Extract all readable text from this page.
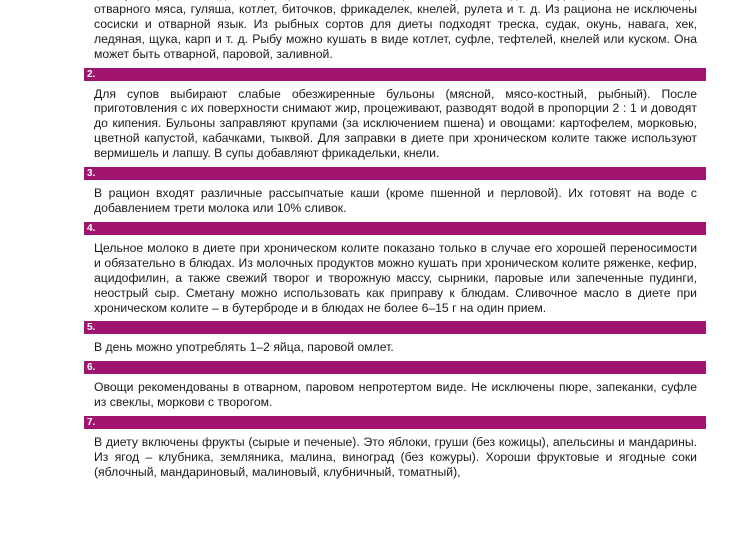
отварного мяса, гуляша, котлет, биточков, фрикаделек, кнелей, рулета и т. д. Из рациона не исключены сосиски и отварной язык. Из рыбных сортов для диеты подходят треска, судак, окунь, навага, хек, ледяная, щука, карп и т. д. Рыбу можно кушать в виде котлет, суфле, тефтелей, кнелей или куском. Она может быть отварной, паровой, заливной.

2.

Для супов выбирают слабые обезжиренные бульоны (мясной, мясо-костный, рыбный). После приготовления с их поверхности снимают жир, процеживают, разводят водой в пропорции 2 : 1 и доводят до кипения. Бульоны заправляют крупами (за исключением пшена) и овощами: картофелем, морковью, цветной капустой, кабачками, тыквой. Для заправки в диете при хроническом колите также используют вермишель и лапшу. В супы добавляют фрикадельки, кнели.

3.

В рацион входят различные рассыпчатые каши (кроме пшенной и перловой). Их готовят на воде с добавлением трети молока или 10% сливок.

4.

Цельное молоко в диете при хроническом колите показано только в случае его хорошей переносимости и обязательно в блюдах. Из молочных продуктов можно кушать при хроническом колите ряженке, кефир, ацидофилин, а также свежий творог и творожную массу, сырники, паровые или запеченные пудинги, неострый сыр. Сметану можно использовать как приправу к блюдам. Сливочное масло в диете при хроническом колите – в бутерброде и в блюдах не более 6–15 г на один прием.

5.

В день можно употреблять 1–2 яйца, паровой омлет.

6.

Овощи рекомендованы в отварном, паровом непротертом виде. Не исключены пюре, запеканки, суфле из свеклы, моркови с творогом.

7.

В диету включены фрукты (сырые и печеные). Это яблоки, груши (без кожицы), апельсины и мандарины. Из ягод – клубника, земляника, малина, виноград (без кожуры). Хороши фруктовые и ягодные соки (яблочный, мандариновый, малиновый, клубничный, томатный),
